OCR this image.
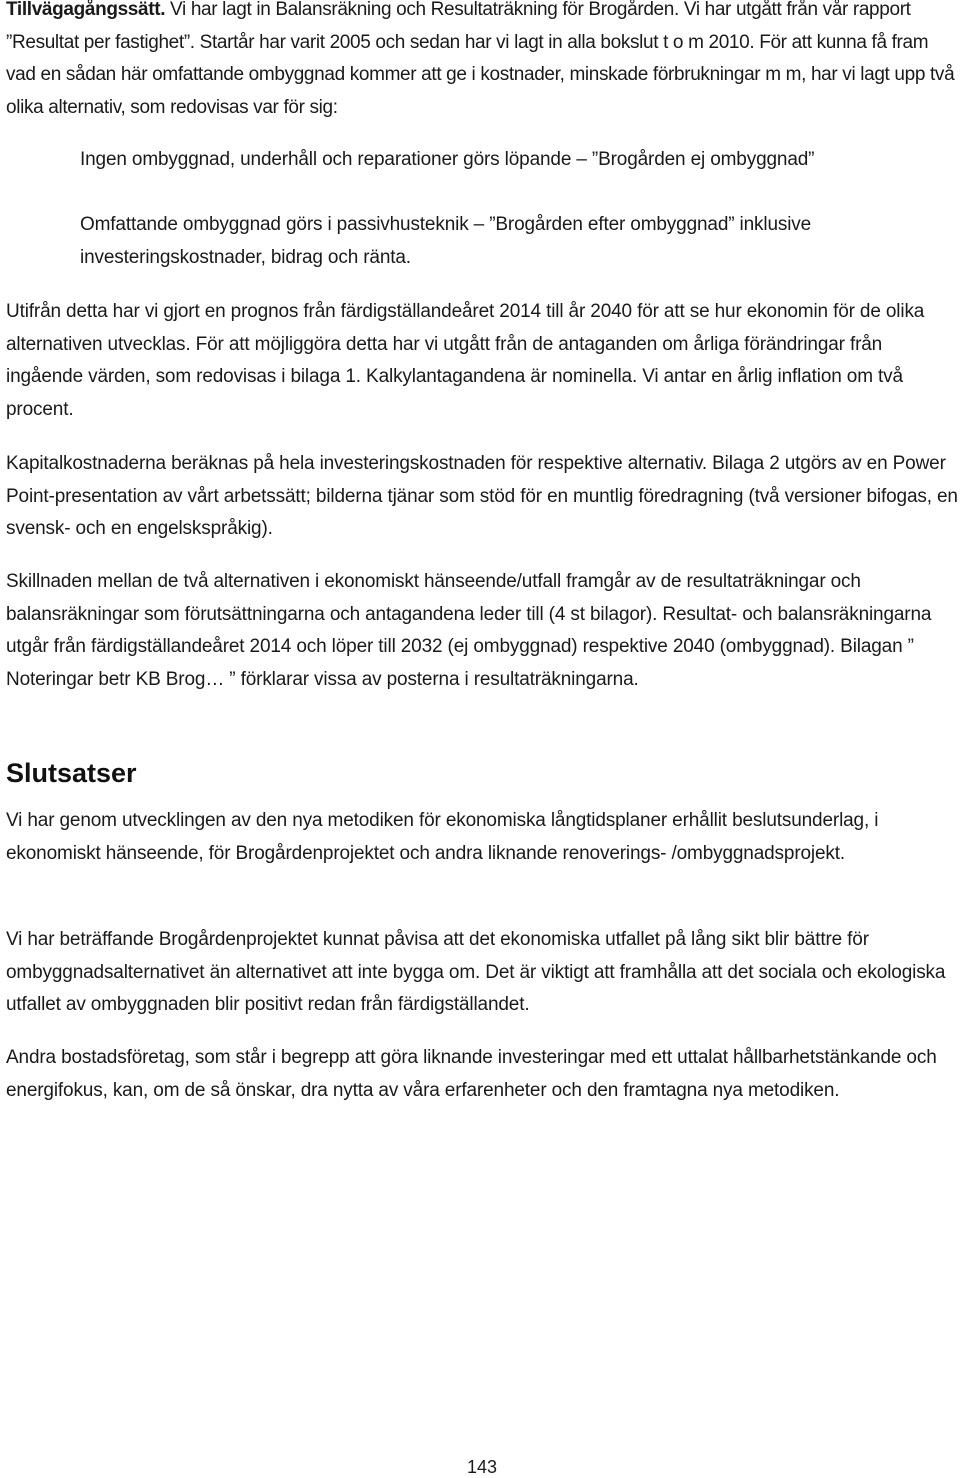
Tillvägagångssätt. Vi har lagt in Balansräkning och Resultaträkning för Brogården. Vi har utgått från vår rapport ”Resultat per fastighet”. Startår har varit 2005 och sedan har vi lagt in alla bokslut t o m 2010. För att kunna få fram vad en sådan här omfattande ombyggnad kommer att ge i kostnader, minskade förbrukningar m m, har vi lagt upp två olika alternativ, som redovisas var för sig:

Ingen ombyggnad, underhåll och reparationer görs löpande – ”Brogården ej ombyggnad”

Omfattande ombyggnad görs i passivhusteknik – ”Brogården efter ombyggnad” inklusive investeringskostnader, bidrag och ränta.

Utifrån detta har vi gjort en prognos från färdigställandeåret 2014 till år 2040 för att se hur ekonomin för de olika alternativen utvecklas. För att möjliggöra detta har vi utgått från de antaganden om årliga förändringar från ingående värden, som redovisas i bilaga 1. Kalkylantagandena är nominella. Vi antar en årlig inflation om två procent.

Kapitalkostnaderna beräknas på hela investeringskostnaden för respektive alternativ. Bilaga 2 utgörs av en Power Point-presentation av vårt arbetssätt; bilderna tjänar som stöd för en muntlig föredragning (två versioner bifogas, en svensk- och en engelskspråkig).

Skillnaden mellan de två alternativen i ekonomiskt hänseende/utfall framgår av de resultaträkningar och balansräkningar som förutsättningarna och antagandena leder till (4 st bilagor). Resultat- och balansräkningarna utgår från färdigställandeåret 2014 och löper till 2032 (ej ombyggnad) respektive 2040 (ombyggnad). Bilagan ” Noteringar betr KB Brog… ” förklarar vissa av posterna i resultaträkningarna.

Slutsatser

Vi har genom utvecklingen av den nya metodiken för ekonomiska långtidsplaner erhållit beslutsunderlag, i ekonomiskt hänseende, för Brogårdenprojektet och andra liknande renoverings- /ombyggnadsprojekt.

Vi har beträffande Brogårdenprojektet kunnat påvisa att det ekonomiska utfallet på lång sikt blir bättre för ombyggnadsalternativet än alternativet att inte bygga om. Det är viktigt att framhålla att det sociala och ekologiska utfallet av ombyggnaden blir positivt redan från färdigställandet.

Andra bostadsföretag, som står i begrepp att göra liknande investeringar med ett uttalat hållbarhetstänkande och energifokus, kan, om de så önskar, dra nytta av våra erfarenheter och den framtagna nya metodiken.

143
